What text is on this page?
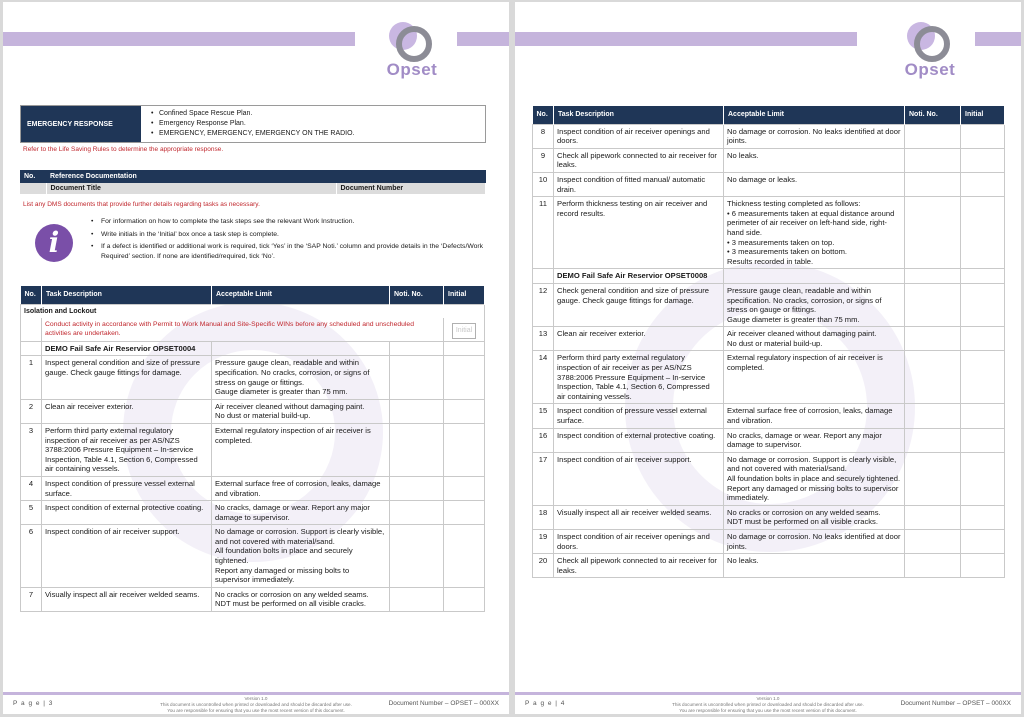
Opset
EMERGENCY RESPONSE
• Confined Space Rescue Plan.
• Emergency Response Plan.
• EMERGENCY, EMERGENCY, EMERGENCY ON THE RADIO.
Refer to the Life Saving Rules to determine the appropriate response.
No.	Reference Documentation	
	Document Title	Document Number
List any DMS documents that provide further details regarding tasks as necessary.
i
• For information on how to complete the task steps see the relevant Work Instruction.
• Write initials in the ‘Initial’ box once a task step is complete.
• If a defect is identified or additional work is required, tick ‘Yes’ in the ‘SAP Noti.’ column and provide details in the ‘Defects/Work Required’ section. If none are identified/required, tick ‘No’.
No.	Task Description	Acceptable Limit	Noti. No.	Initial
Isolation and Lockout				
	Conduct activity in accordance with Permit to Work Manual and Site-Specific WINs before any scheduled and unscheduled activities are undertaken.			Initial
	DEMO Fail Safe Air Reservior OPSET0004			
1	Inspect general condition and size of pressure gauge. Check gauge fittings for damage.	Pressure gauge clean, readable and within specification. No cracks, corrosion, or signs of stress on gauge or fittings.
Gauge diameter is greater than 75 mm.		
2	Clean air receiver exterior.	Air receiver cleaned without damaging paint.
No dust or material build-up.		
3	Perform third party external regulatory inspection of air receiver as per AS/NZS 3788:2006 Pressure Equipment – In-service Inspection, Table 4.1, Section 6, Compressed air containing vessels.	External regulatory inspection of air receiver is completed.		
4	Inspect condition of pressure vessel external surface.	External surface free of corrosion, leaks, damage and vibration.		
5	Inspect condition of external protective coating.	No cracks, damage or wear. Report any major damage to supervisor.		
6	Inspect condition of air receiver support.	No damage or corrosion. Support is clearly visible, and not covered with material/sand.
All foundation bolts in place and securely tightened.
Report any damaged or missing bolts to supervisor immediately.		
7	Visually inspect all air receiver welded seams.	No cracks or corrosion on any welded seams.
NDT must be performed on all visible cracks.		
P a g e | 3
Version 1.0
This document is uncontrolled when printed or downloaded and should be discarded after use.
You are responsible for ensuring that you use the most recent version of this document.
Document Number – OPSET – 000XX
Opset
No.	Task Description	Acceptable Limit	Noti. No.	Initial
8	Inspect condition of air receiver openings and doors.	No damage or corrosion. No leaks identified at door joints.		
9	Check all pipework connected to air receiver for leaks.	No leaks.		
10	Inspect condition of fitted manual/ automatic drain.	No damage or leaks.		
11	Perform thickness testing on air receiver and record results.	Thickness testing completed as follows:
• 6 measurements taken at equal distance around perimeter of air receiver on left-hand side, right-hand side.
• 3 measurements taken on top.
• 3 measurements taken on bottom.
Results recorded in table.		
	DEMO Fail Safe Air Reservior OPSET0008			
12	Check general condition and size of pressure gauge. Check gauge fittings for damage.	Pressure gauge clean, readable and within specification. No cracks, corrosion, or signs of stress on gauge or fittings.
Gauge diameter is greater than 75 mm.		
13	Clean air receiver exterior.	Air receiver cleaned without damaging paint.
No dust or material build-up.		
14	Perform third party external regulatory inspection of air receiver as per AS/NZS 3788:2006 Pressure Equipment – In-service Inspection, Table 4.1, Section 6, Compressed air containing vessels.	External regulatory inspection of air receiver is completed.		
15	Inspect condition of pressure vessel external surface.	External surface free of corrosion, leaks, damage and vibration.		
16	Inspect condition of external protective coating.	No cracks, damage or wear. Report any major damage to supervisor.		
17	Inspect condition of air receiver support.	No damage or corrosion. Support is clearly visible, and not covered with material/sand.
All foundation bolts in place and securely tightened.
Report any damaged or missing bolts to supervisor immediately.		
18	Visually inspect all air receiver welded seams.	No cracks or corrosion on any welded seams.
NDT must be performed on all visible cracks.		
19	Inspect condition of air receiver openings and doors.	No damage or corrosion. No leaks identified at door joints.		
20	Check all pipework connected to air receiver for leaks.	No leaks.		
P a g e | 4
Version 1.0
This document is uncontrolled when printed or downloaded and should be discarded after use.
You are responsible for ensuring that you use the most recent version of this document.
Document Number – OPSET – 000XX
